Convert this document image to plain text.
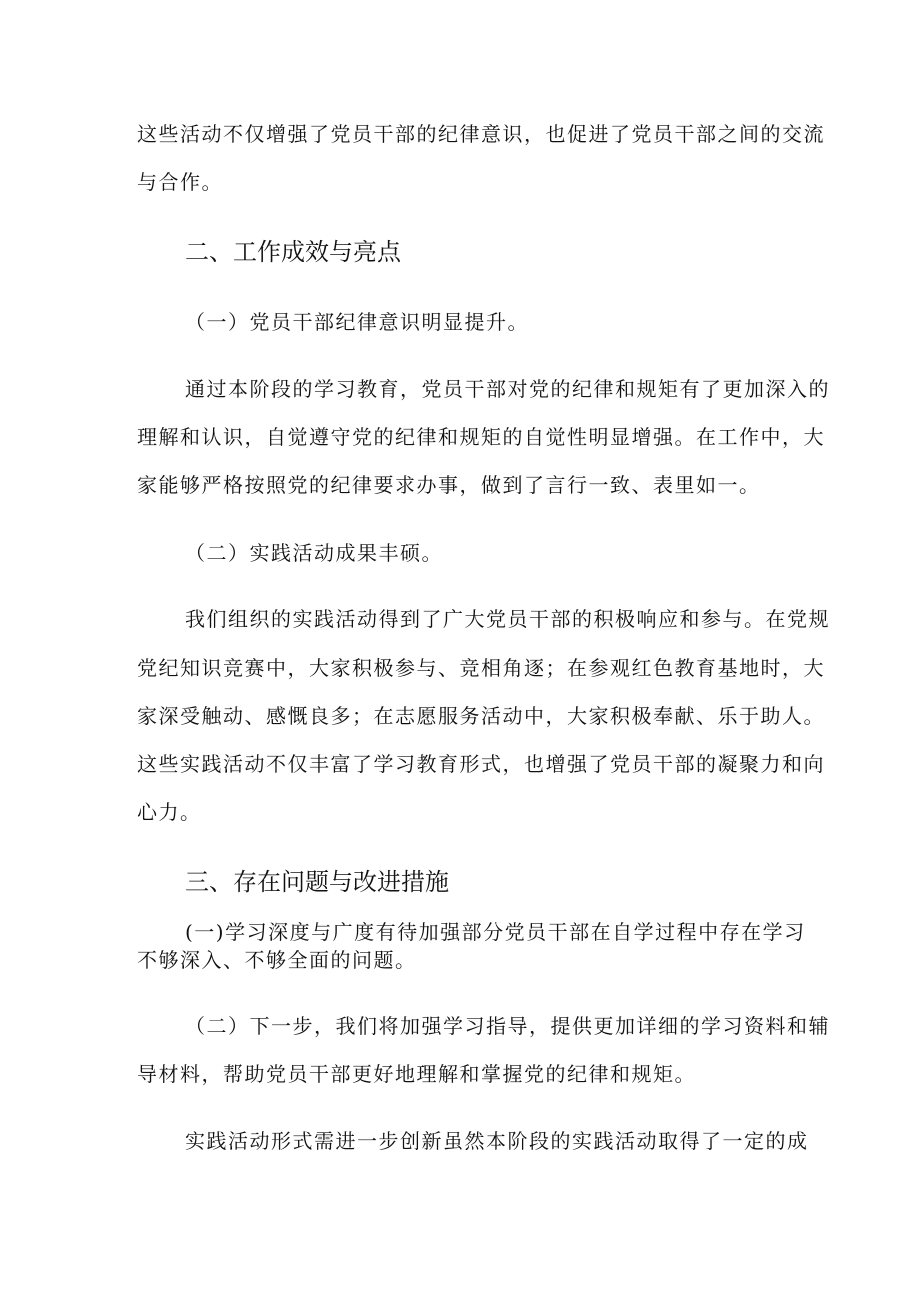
这些活动不仅增强了党员干部的纪律意识，也促进了党员干部之间的交流
与合作。
二、工作成效与亮点
（一）党员干部纪律意识明显提升。
通过本阶段的学习教育，党员干部对党的纪律和规矩有了更加深入的
理解和认识，自觉遵守党的纪律和规矩的自觉性明显增强。在工作中，大
家能够严格按照党的纪律要求办事，做到了言行一致、表里如一。
（二）实践活动成果丰硕。
我们组织的实践活动得到了广大党员干部的积极响应和参与。在党规
党纪知识竞赛中，大家积极参与、竞相角逐；在参观红色教育基地时，大
家深受触动、感慨良多；在志愿服务活动中，大家积极奉献、乐于助人。
这些实践活动不仅丰富了学习教育形式，也增强了党员干部的凝聚力和向
心力。
三、存在问题与改进措施
(一)学习深度与广度有待加强部分党员干部在自学过程中存在学习
不够深入、不够全面的问题。
（二）下一步，我们将加强学习指导，提供更加详细的学习资料和辅
导材料，帮助党员干部更好地理解和掌握党的纪律和规矩。
实践活动形式需进一步创新虽然本阶段的实践活动取得了一定的成
